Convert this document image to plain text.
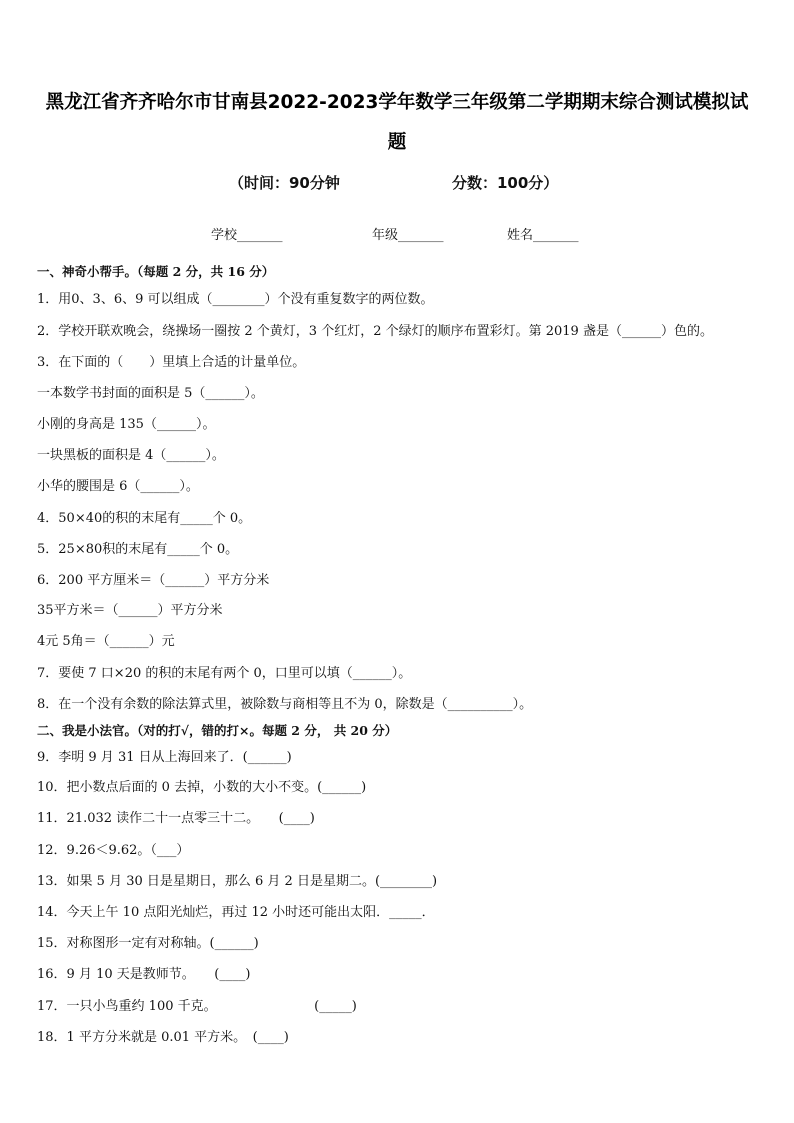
黑龙江省齐齐哈尔市甘南县2022-2023学年数学三年级第二学期期末综合测试模拟试
题
（时间：90分钟	分数：100分）
学校_______	年级_______	姓名_______
一、神奇小帮手。（每题 2 分，共 16 分）
1．用0、3、6、9 可以组成（________）个没有重复数字的两位数。
2．学校开联欢晚会，绕操场一圈按 2 个黄灯，3 个红灯，2 个绿灯的顺序布置彩灯。第 2019 盏是（______）色的。
3．在下面的（　　）里填上合适的计量单位。
一本数学书封面的面积是 5（______）。
小刚的身高是 135（______）。
一块黑板的面积是 4（______）。
小华的腰围是 6（______）。
4．50×40的积的末尾有_____个 0。
5．25×80积的末尾有_____个 0。
6．200 平方厘米＝（______）平方分米
35平方米＝（______）平方分米
4元 5角＝（______）元
7．要使 7 口×20 的积的末尾有两个 0，口里可以填（______）。
8．在一个没有余数的除法算式里，被除数与商相等且不为 0，除数是（__________）。
二、我是小法官。（对的打√，错的打×。每题 2 分， 共 20 分）
9．李明 9 月 31 日从上海回来了．(______)
10．把小数点后面的 0 去掉，小数的大小不变。(______)
11．21.032 读作二十一点零三十二。　　(____)
12．9.26＜9.62。（___）
13．如果 5 月 30 日是星期日，那么 6 月 2 日是星期二。(________)
14．今天上午 10 点阳光灿烂，再过 12 小时还可能出太阳．_____．
15．对称图形一定有对称轴。(______)
16．9 月 10 天是教师节。　　(____)
17．一只小鸟重约 100 千克。　　　　　　　　(_____)
18．1 平方分米就是 0.01 平方米。　(____)
